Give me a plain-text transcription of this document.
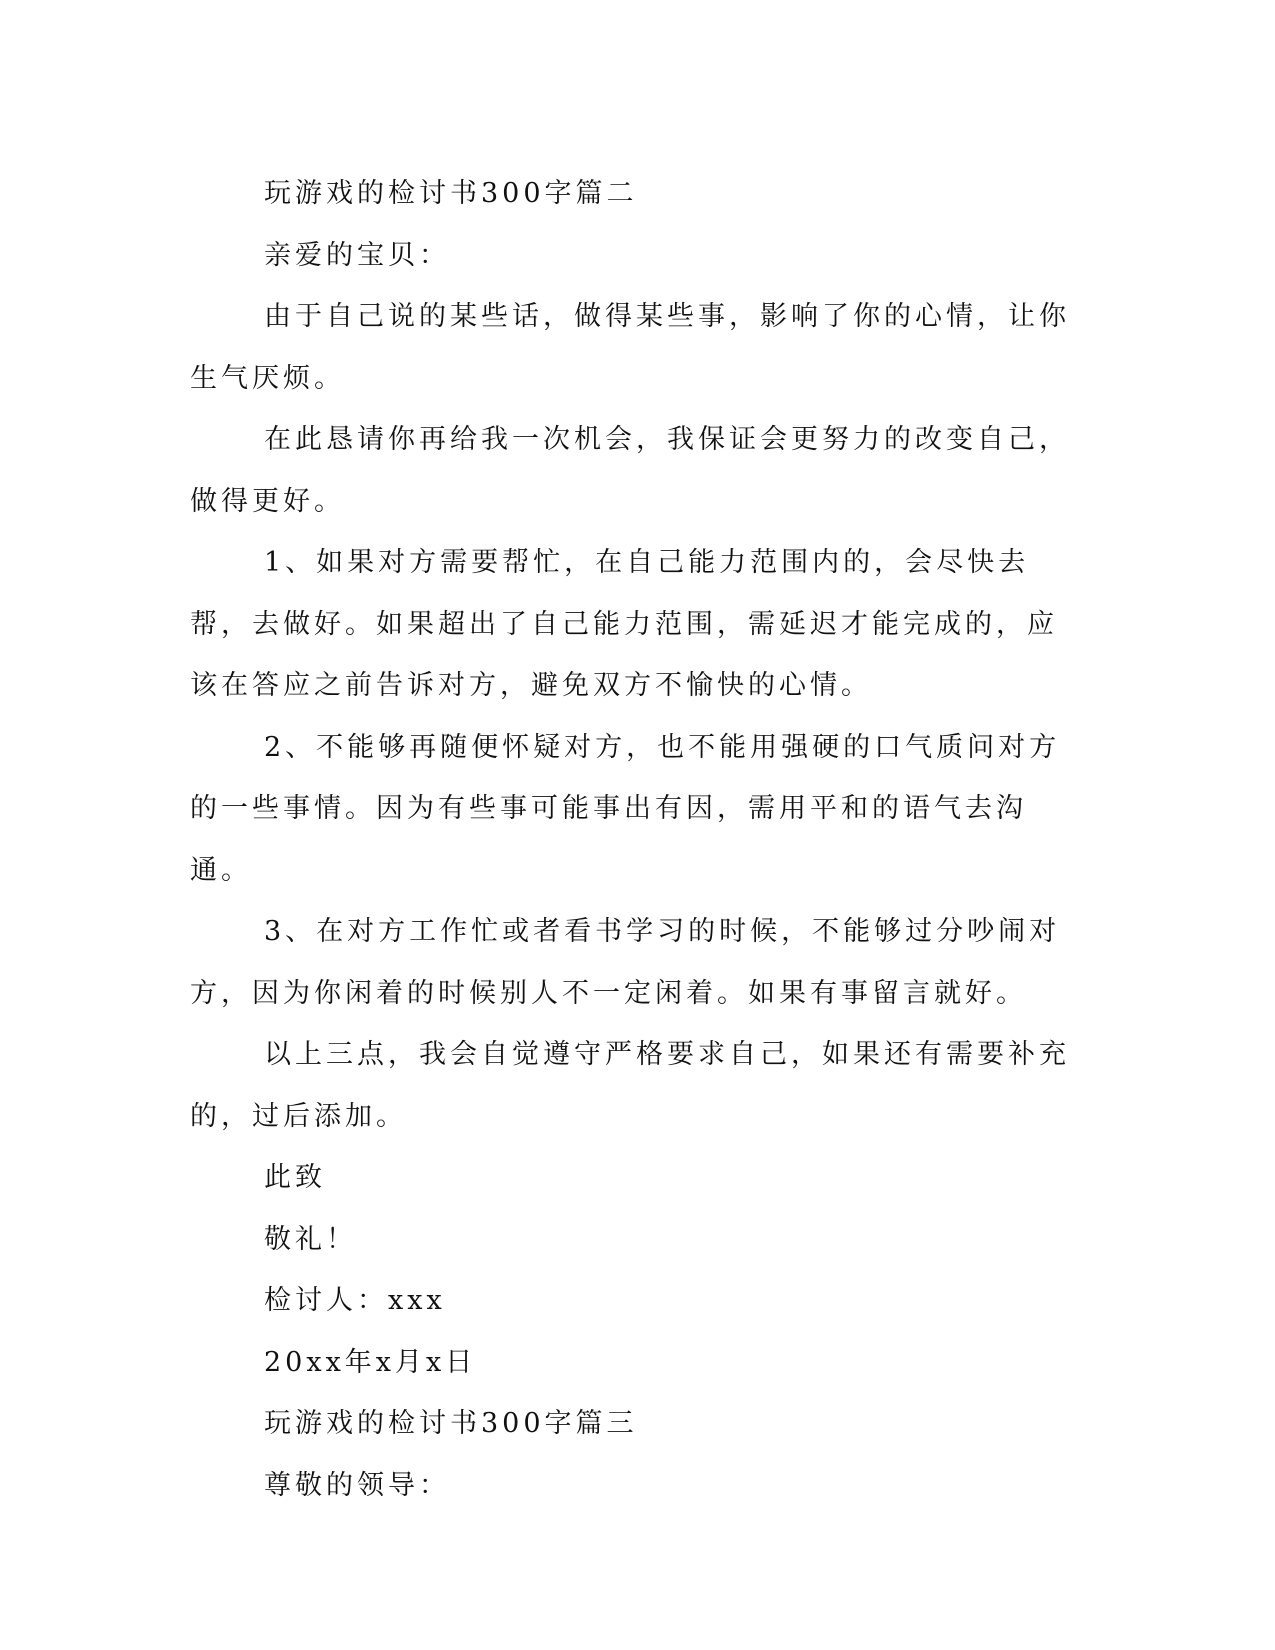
玩游戏的检讨书300字篇二

亲爱的宝贝：

由于自己说的某些话，做得某些事，影响了你的心情，让你生气厌烦。

在此恳请你再给我一次机会，我保证会更努力的改变自己，做得更好。

1、如果对方需要帮忙，在自己能力范围内的，会尽快去帮，去做好。如果超出了自己能力范围，需延迟才能完成的，应该在答应之前告诉对方，避免双方不愉快的心情。

2、不能够再随便怀疑对方，也不能用强硬的口气质问对方的一些事情。因为有些事可能事出有因，需用平和的语气去沟通。

3、在对方工作忙或者看书学习的时候，不能够过分吵闹对方，因为你闲着的时候别人不一定闲着。如果有事留言就好。

以上三点，我会自觉遵守严格要求自己，如果还有需要补充的，过后添加。

此致

敬礼！

检讨人：xxx

20xx年x月x日

玩游戏的检讨书300字篇三

尊敬的领导：
